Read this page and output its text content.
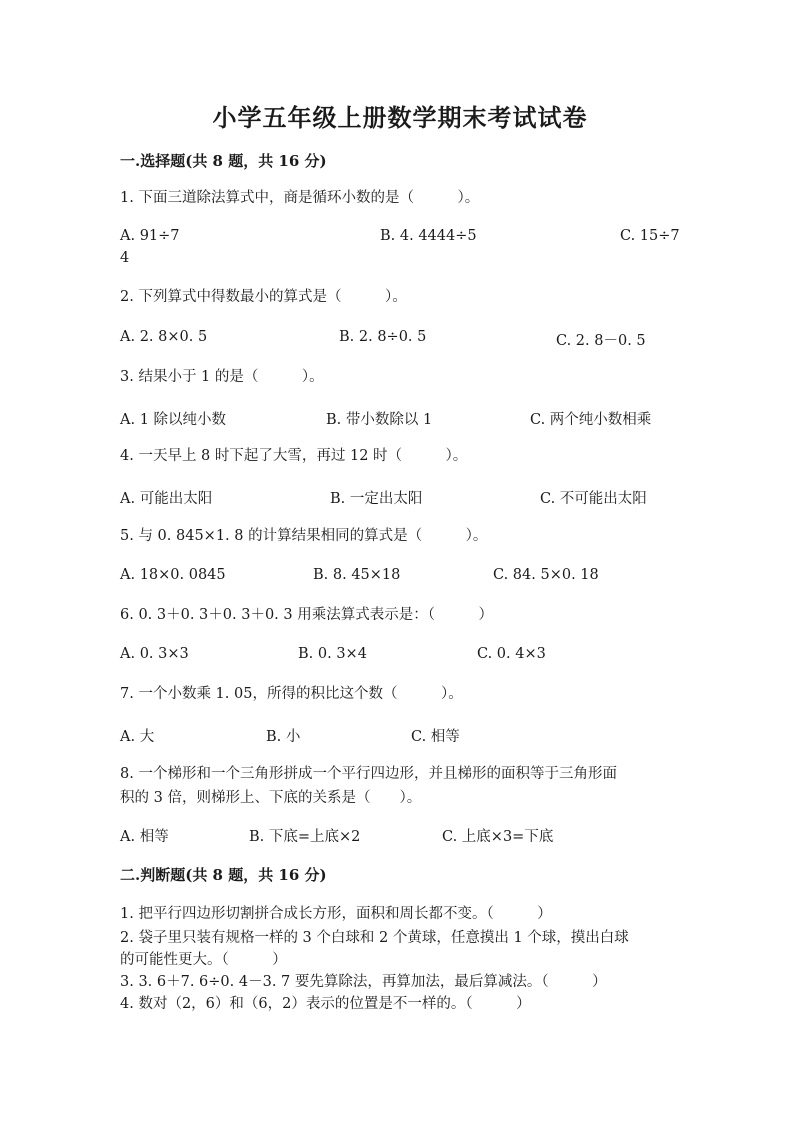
小学五年级上册数学期末考试试卷
一.选择题(共 8 题，共 16 分)
1. 下面三道除法算式中，商是循环小数的是（　　　）。
A. 91÷7	B. 4. 4444÷5	C. 15÷7
4
2. 下列算式中得数最小的算式是（　　　）。
A. 2. 8×0. 5	B. 2. 8÷0. 5	C. 2. 8－0. 5
3. 结果小于 1 的是（　　　）。
A. 1 除以纯小数	B. 带小数除以 1	C. 两个纯小数相乘
4. 一天早上 8 时下起了大雪，再过 12 时（　　　）。
A. 可能出太阳	B. 一定出太阳	C. 不可能出太阳
5. 与 0. 845×1. 8 的计算结果相同的算式是（　　　）。
A. 18×0. 0845	B. 8. 45×18	C. 84. 5×0. 18
6. 0. 3＋0. 3＋0. 3＋0. 3 用乘法算式表示是：（　　　）
A. 0. 3×3	B. 0. 3×4	C. 0. 4×3
7. 一个小数乘 1. 05，所得的积比这个数（　　　）。
A. 大	B. 小	C. 相等
8. 一个梯形和一个三角形拼成一个平行四边形，并且梯形的面积等于三角形面
积的 3 倍，则梯形上、下底的关系是（　　）。
A. 相等	B. 下底=上底×2	C. 上底×3=下底
二.判断题(共 8 题，共 16 分)
1. 把平行四边形切割拼合成长方形，面积和周长都不变。（　　　）
2. 袋子里只装有规格一样的 3 个白球和 2 个黄球，任意摸出 1 个球，摸出白球
的可能性更大。（　　　）
3. 3. 6＋7. 6÷0. 4－3. 7 要先算除法，再算加法，最后算减法。（　　　）
4. 数对（2，6）和（6，2）表示的位置是不一样的。（　　　）
